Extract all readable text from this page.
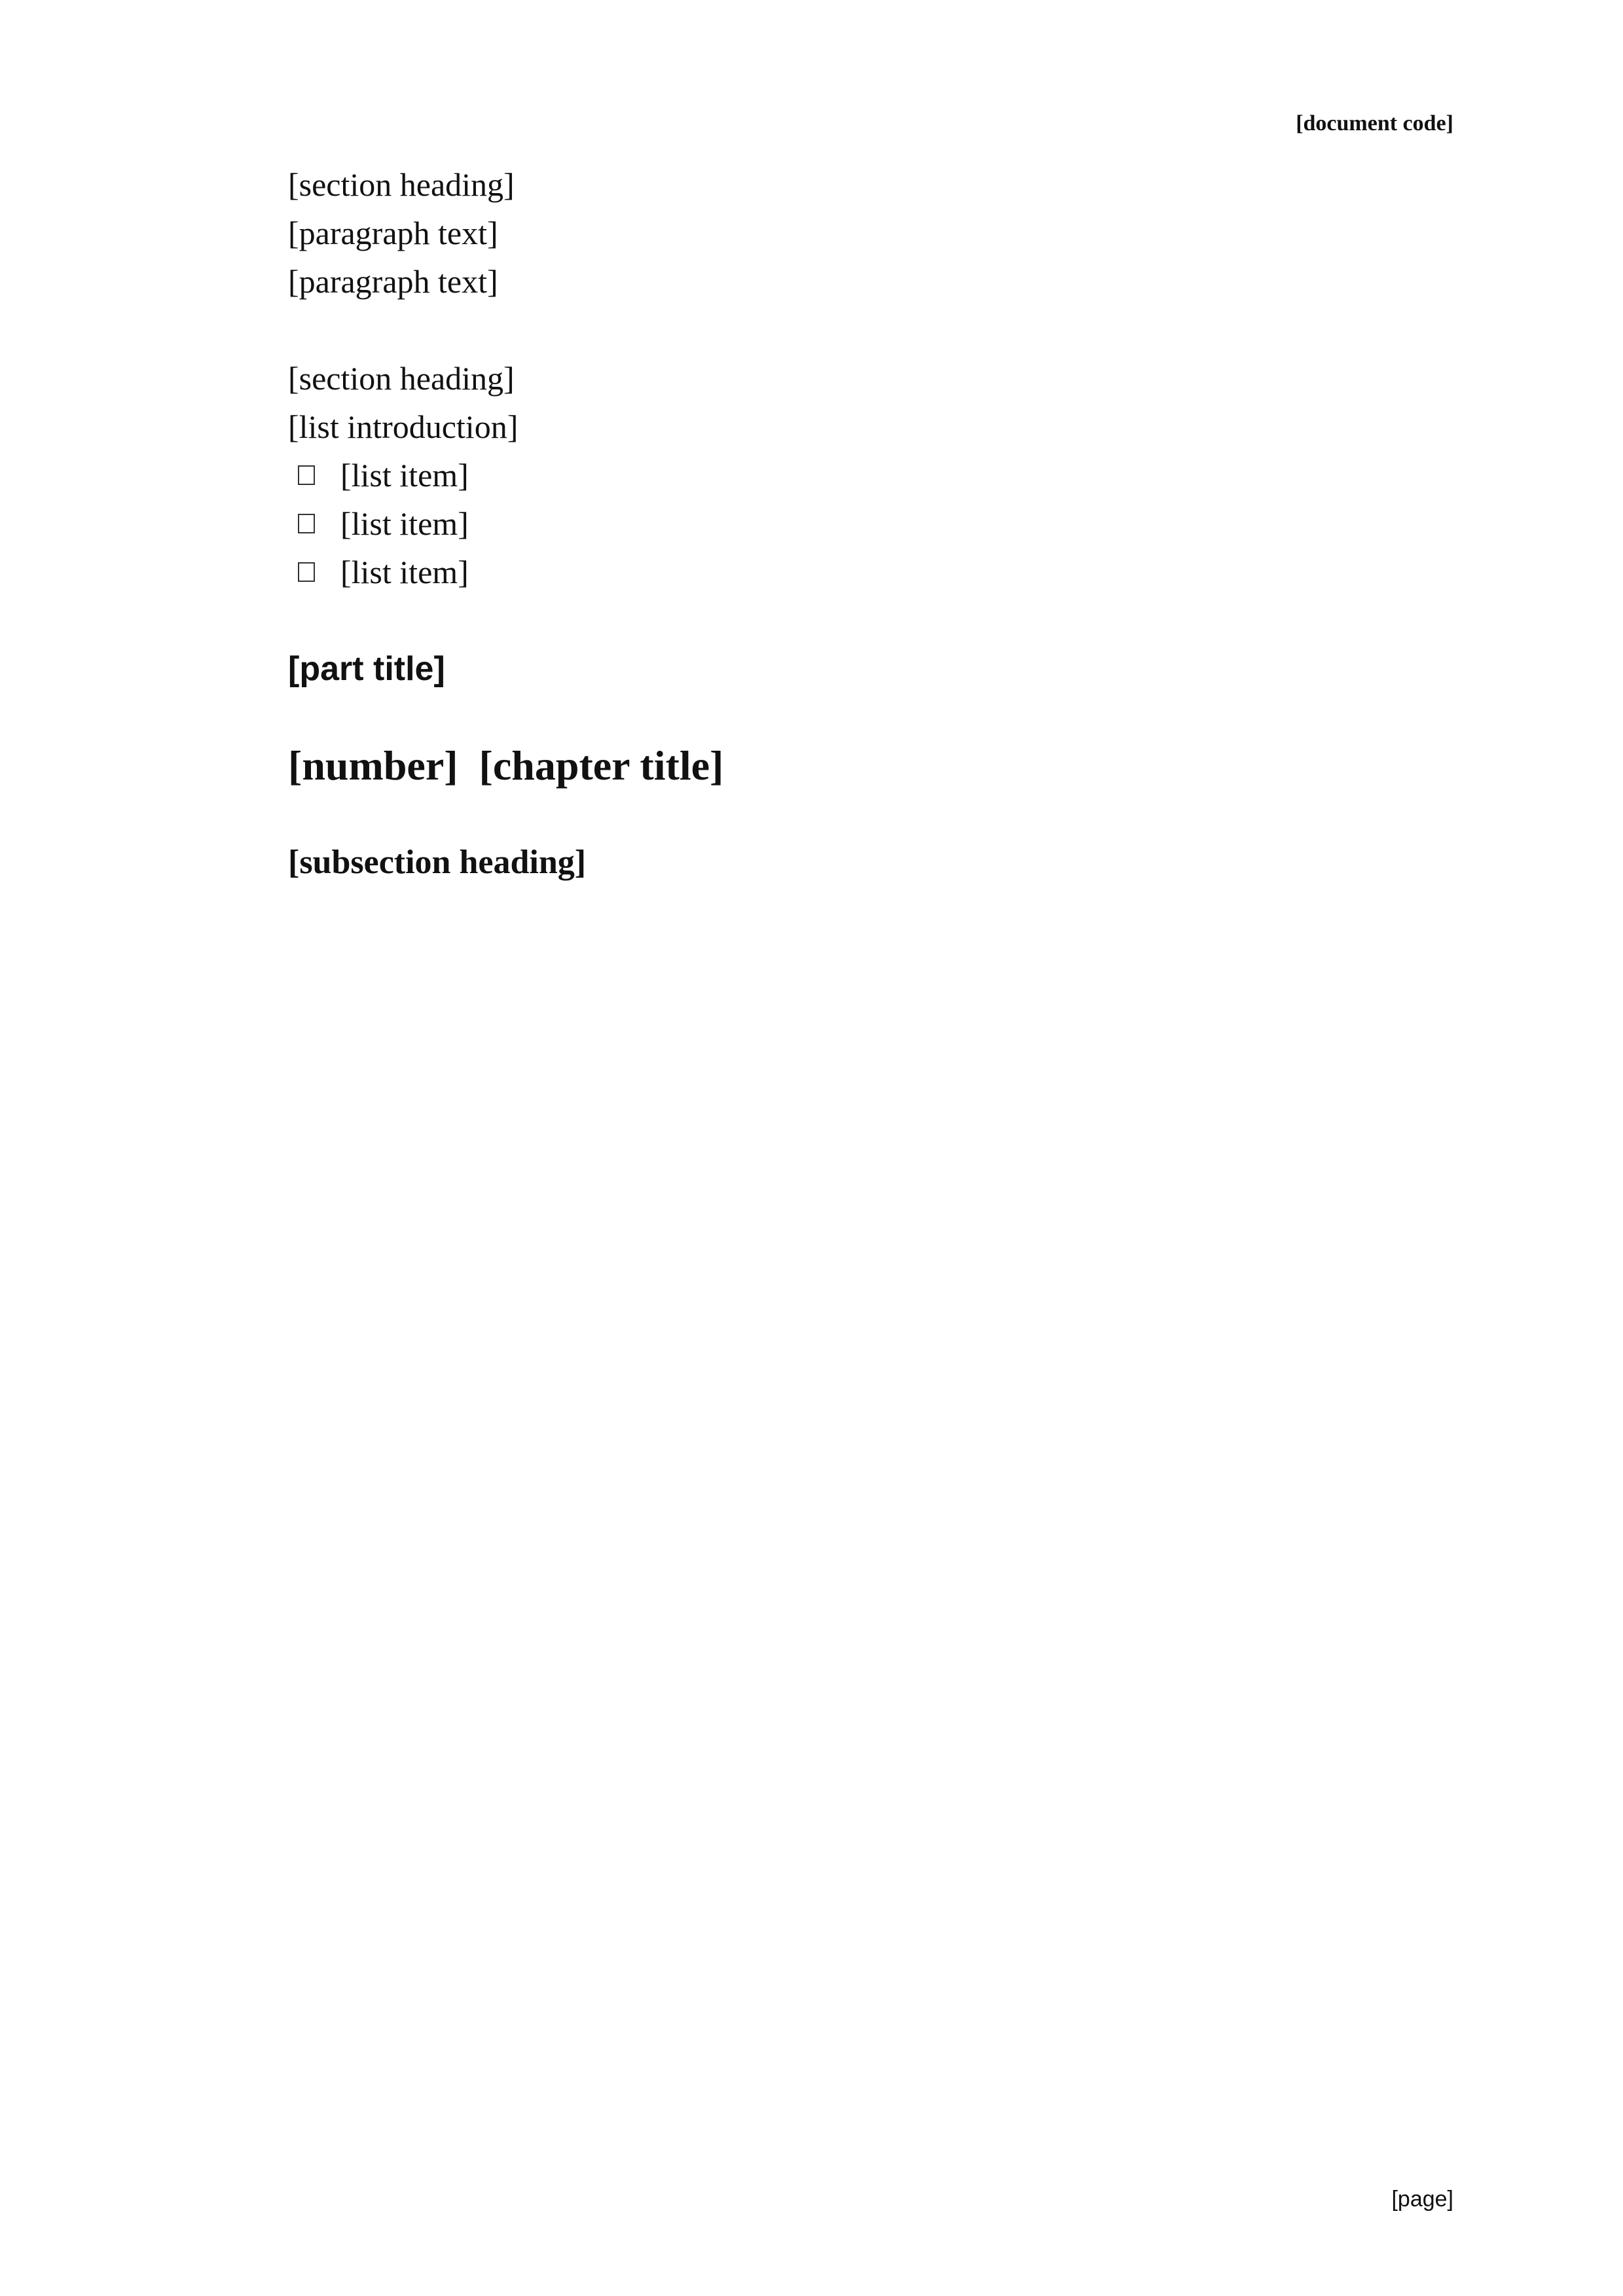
[document code]

[section heading]

[paragraph text]

[paragraph text]

[section heading]

[list introduction]

[list item]
[list item]
[list item]

[part title]

[number] [chapter title]

[subsection heading]

[page]
